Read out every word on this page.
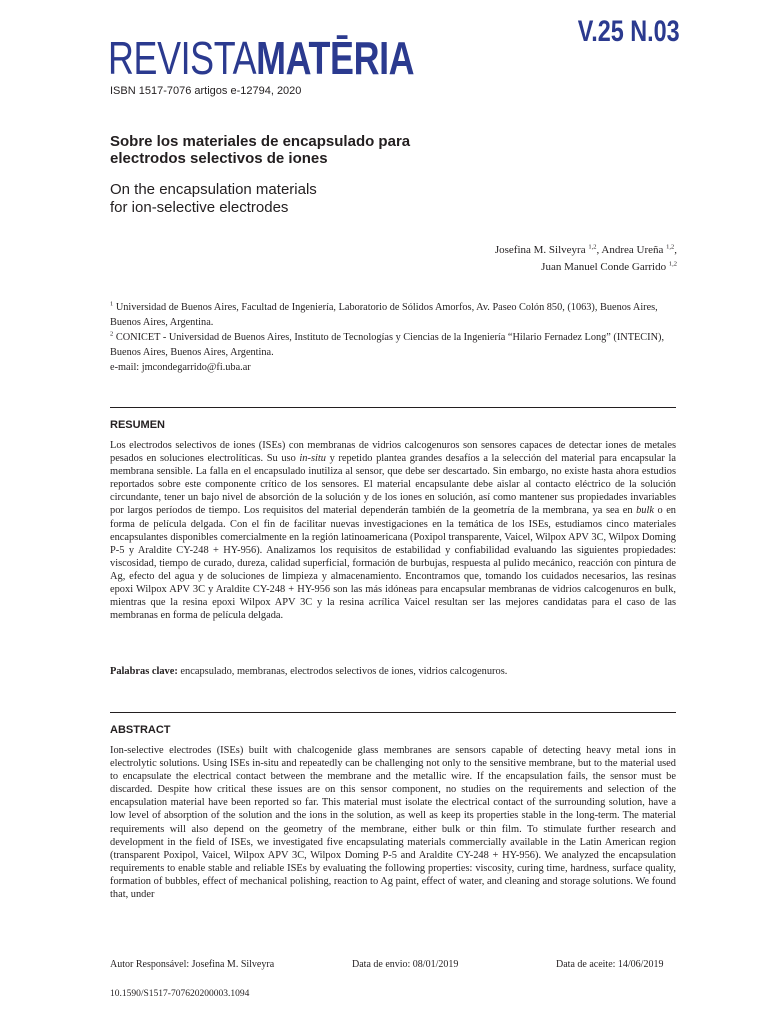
REVISTAMATĒRIA
V.25 N.03
ISBN 1517-7076 artigos e-12794, 2020
Sobre los materiales de encapsulado para
electrodos selectivos de iones
On the encapsulation materials
for ion-selective electrodes
Josefina M. Silveyra $^{1,2}$, Andrea Ureña $^{1,2}$,
Juan Manuel Conde Garrido $^{1,2}$
$^1$ Universidad de Buenos Aires, Facultad de Ingeniería, Laboratorio de Sólidos Amorfos, Av. Paseo Colón 850, (1063), Buenos Aires, Buenos Aires, Argentina.
$^2$ CONICET - Universidad de Buenos Aires, Instituto de Tecnologías y Ciencias de la Ingeniería “Hilario Fernadez Long” (INTECIN), Buenos Aires, Buenos Aires, Argentina.
e-mail: jmcondegarrido@fi.uba.ar
RESUMEN
Los electrodos selectivos de iones (ISEs) con membranas de vidrios calcogenuros son sensores capaces de detectar iones de metales pesados en soluciones electrolíticas. Su uso in-situ y repetido plantea grandes desafíos a la selección del material para encapsular la membrana sensible. La falla en el encapsulado inutiliza al sensor, que debe ser descartado. Sin embargo, no existe hasta ahora estudios reportados sobre este componente crítico de los sensores. El material encapsulante debe aislar al contacto eléctrico de la solución circundante, tener un bajo nivel de absorción de la solución y de los iones en solución, así como mantener sus propiedades invariables por largos períodos de tiempo. Los requisitos del material dependerán también de la geometría de la membrana, ya sea en bulk o en forma de película delgada. Con el fin de facilitar nuevas investigaciones en la temática de los ISEs, estudiamos cinco materiales encapsulantes disponibles comercialmente en la región latinoamericana (Poxipol transparente, Vaicel, Wilpox APV 3C, Wilpox Doming P-5 y Araldite CY-248 + HY-956). Analizamos los requisitos de estabilidad y confiabilidad evaluando las siguientes propiedades: viscosidad, tiempo de curado, dureza, calidad superficial, formación de burbujas, respuesta al pulido mecánico, reacción con pintura de Ag, efecto del agua y de soluciones de limpieza y almacenamiento. Encontramos que, tomando los cuidados necesarios, las resinas epoxi Wilpox APV 3C y Araldite CY-248 + HY-956 son las más idóneas para encapsular membranas de vidrios calcogenuros en bulk, mientras que la resina epoxi Wilpox APV 3C y la resina acrílica Vaicel resultan ser las mejores candidatas para el caso de las membranas en forma de película delgada.
Palabras clave: encapsulado, membranas, electrodos selectivos de iones, vidrios calcogenuros.
ABSTRACT
Ion-selective electrodes (ISEs) built with chalcogenide glass membranes are sensors capable of detecting heavy metal ions in electrolytic solutions. Using ISEs in-situ and repeatedly can be challenging not only to the sensitive membrane, but to the material used to encapsulate the electrical contact between the membrane and the metallic wire. If the encapsulation fails, the sensor must be discarded. Despite how critical these issues are on this sensor component, no studies on the requirements and selection of the encapsulation material have been reported so far. This material must isolate the electrical contact of the surrounding solution, have a low level of absorption of the solution and the ions in the solution, as well as keep its properties stable in the long-term. The material requirements will also depend on the geometry of the membrane, either bulk or thin film. To stimulate further research and development in the field of ISEs, we investigated five encapsulating materials commercially available in the Latin American region (transparent Poxipol, Vaicel, Wilpox APV 3C, Wilpox Doming P-5 and Araldite CY-248 + HY-956). We analyzed the encapsulation requirements to enable stable and reliable ISEs by evaluating the following properties: viscosity, curing time, hardness, surface quality, formation of bubbles, effect of mechanical polishing, reaction to Ag paint, effect of water, and cleaning and storage solutions. We found that, under
Autor Responsável: Josefina M. Silveyra	Data de envio: 08/01/2019	Data de aceite: 14/06/2019
10.1590/S1517-707620200003.1094
